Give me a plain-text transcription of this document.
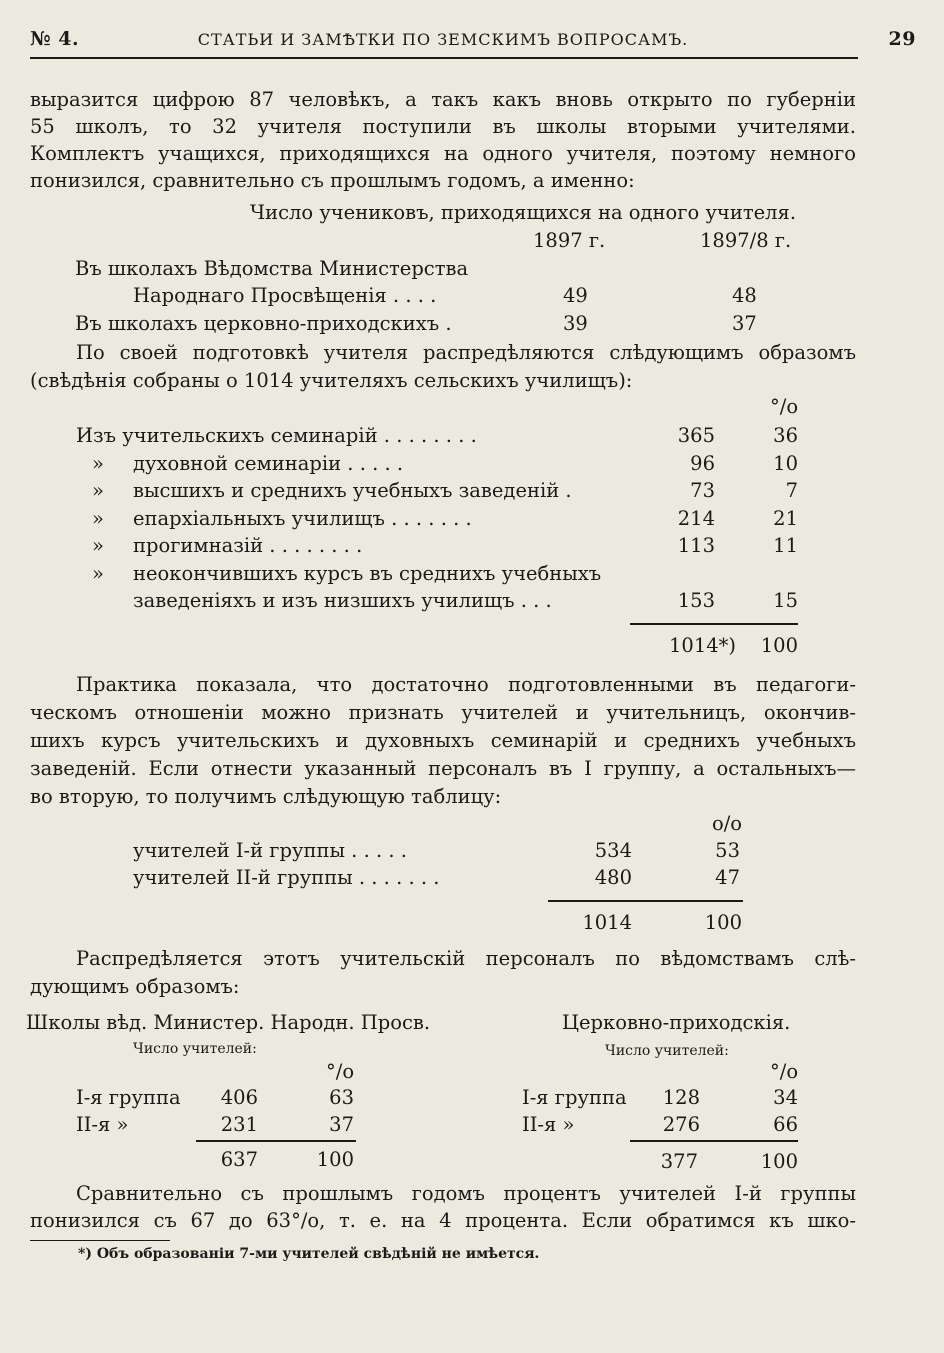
№ 4.	СТАТЬИ И ЗАМѢТКИ ПО ЗЕМСКИМЪ ВОПРОСАМЪ.	29
выразится цифрою 87 человѣкъ, а такъ какъ вновь открыто по губерніи
55 школъ, то 32 учителя поступили въ школы вторыми учителями.
Комплектъ учащихся, приходящихся на одного учителя, поэтому немного
понизился, сравнительно съ прошлымъ годомъ, а именно:
Число учениковъ, приходящихся на одного учителя.
1897 г.	1897/8 г.
Въ школахъ Вѣдомства Министерства
Народнаго Просвѣщенія . . . .	49	48
Въ школахъ церковно-приходскихъ .	39	37
По своей подготовкѣ учителя распредѣляются слѣдующимъ образомъ
(свѣдѣнія собраны о 1014 учителяхъ сельскихъ училищъ):
°/o
Изъ учительскихъ семинарій . . . . . . . .	365	36
» духовной семинаріи . . . . .	96	10
» высшихъ и среднихъ учебныхъ заведеній .	73	7
» епархіальныхъ училищъ . . . . . . .	214	21
» прогимназій . . . . . . . .	113	11
» неокончившихъ курсъ въ среднихъ учебныхъ
заведеніяхъ и изъ низшихъ училищъ . . .	153	15
1014*)	100
Практика показала, что достаточно подготовленными въ педагоги-
ческомъ отношеніи можно признать учителей и учительницъ, окончив-
шихъ курсъ учительскихъ и духовныхъ семинарій и среднихъ учебныхъ
заведеній. Если отнести указанный персоналъ въ I группу, а остальныхъ—
во вторую, то получимъ слѣдующую таблицу:
o/o
учителей I-й группы . . . . .	534	53
учителей II-й группы . . . . . . .	480	47
1014	100
Распредѣляется этотъ учительскій персоналъ по вѣдомствамъ слѣ-
дующимъ образомъ:
Школы вѣд. Министер. Народн. Просв.
Число учителей:
°/o
I-я группа	406	63
II-я »	231	37
637	100
Церковно-приходскія.
Число учителей:
°/o
I-я группа	128	34
II-я »	276	66
377	100
Сравнительно съ прошлымъ годомъ процентъ учителей I-й группы
понизился съ 67 до 63°/o, т. е. на 4 процента. Если обратимся къ шко-
*) Объ образованіи 7-ми учителей свѣдѣній не имѣется.
